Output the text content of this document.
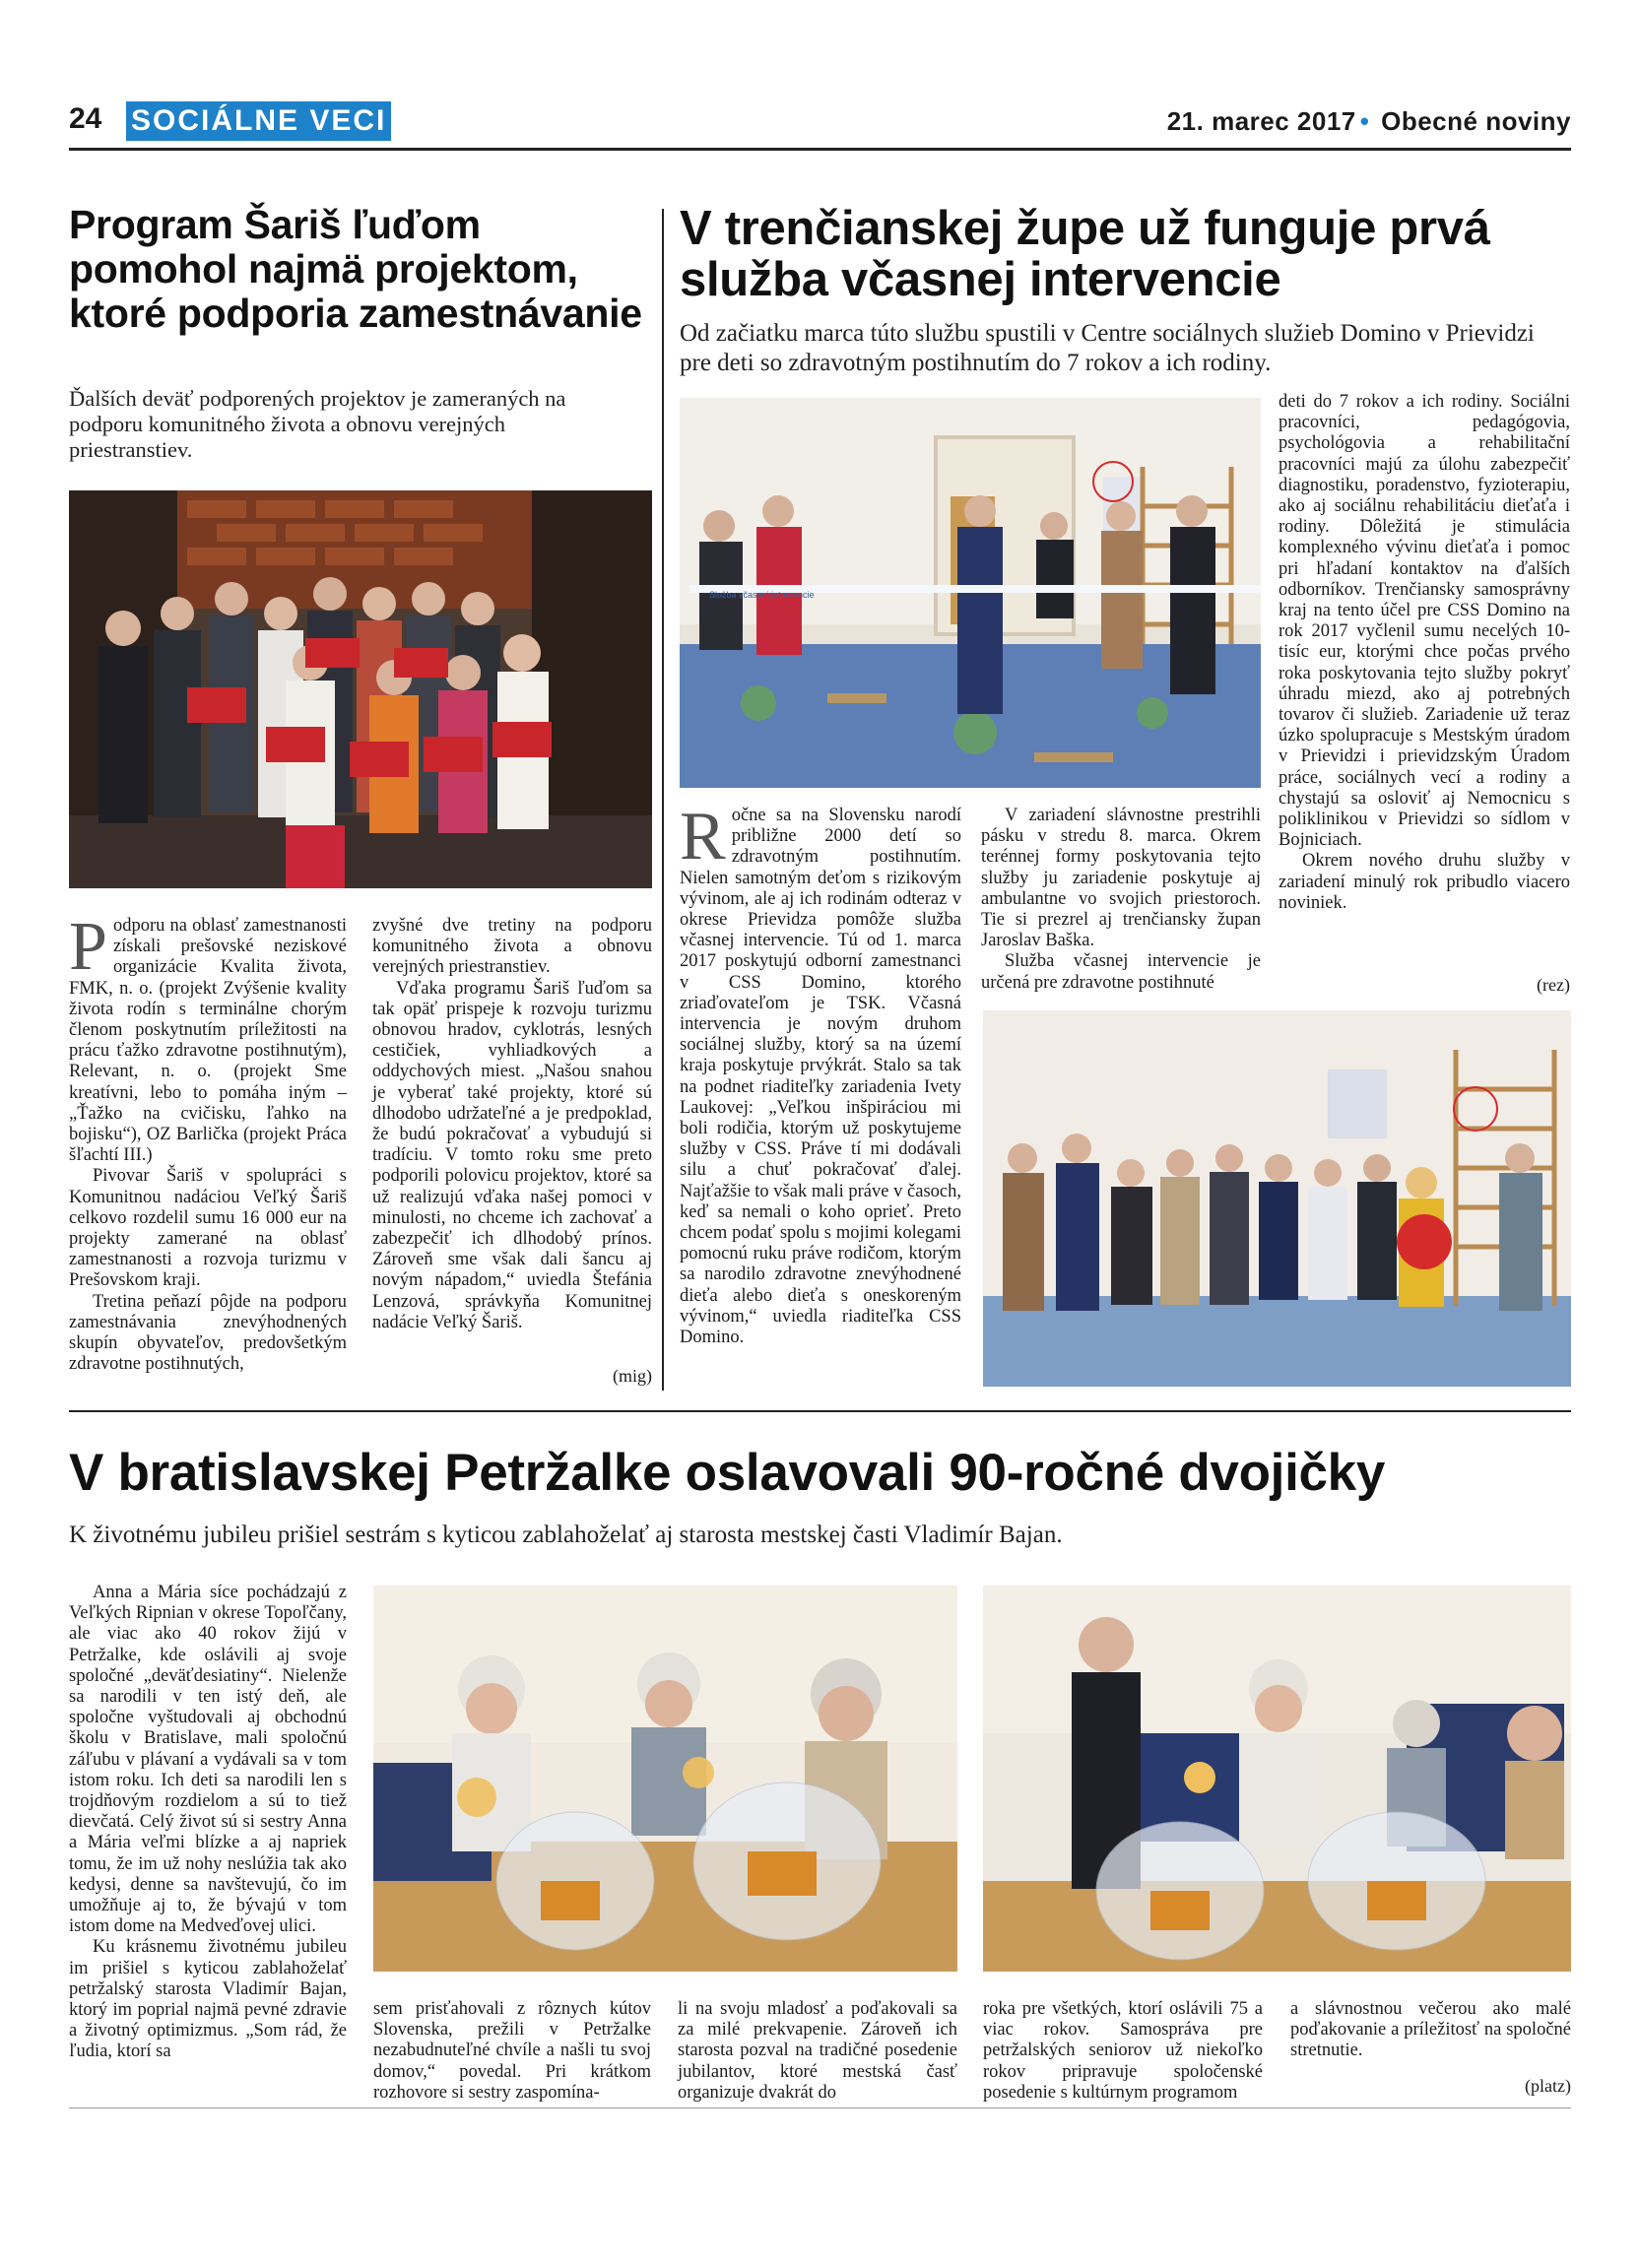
24 SOCIÁLNE VECI	21. marec 2017 • Obecné noviny
Program Šariš ľuďom pomohol najmä projektom, ktoré podporia zamestnávanie
Ďalších deväť podporených projektov je zameraných na podporu komunitného života a obnovu verejných priestranstiev.

Podporu na oblasť zamestnanosti získali prešovské neziskové organizácie Kvalita života, FMK, n. o. (projekt Zvýšenie kvality života rodín s terminálne chorým členom poskytnutím príležitosti na prácu ťažko zdravotne postihnutým), Relevant, n. o. (projekt Sme kreatívni, lebo to pomáha iným – „Ťažko na cvičisku, ľahko na bojisku“), OZ Barlička (projekt Práca šľachtí III.)

Pivovar Šariš v spolupráci s Komunitnou nadáciou Veľký Šariš celkovo rozdelil sumu 16 000 eur na projekty zamerané na oblasť zamestnanosti a rozvoja turizmu v Prešovskom kraji.

Tretina peňazí pôjde na podporu zamestnávania znevýhodnených skupín obyvateľov, predovšetkým zdravotne postihnutých,

zvyšné dve tretiny na podporu komunitného života a obnovu verejných priestranstiev.

Vďaka programu Šariš ľuďom sa tak opäť prispeje k rozvoju turizmu obnovou hradov, cyklotrás, lesných cestičiek, vyhliadkových a oddychových miest. „Našou snahou je vyberať také projekty, ktoré sú dlhodobo udržateľné a je predpoklad, že budú pokračovať a vybudujú si tradíciu. V tomto roku sme preto podporili polovicu projektov, ktoré sa už realizujú vďaka našej pomoci v minulosti, no chceme ich zachovať a zabezpečiť ich dlhodobý prínos. Zároveň sme však dali šancu aj novým nápadom,“ uviedla Štefánia Lenzová, správkyňa Komunitnej nadácie Veľký Šariš.

(mig)
V trenčianskej župe už funguje prvá služba včasnej intervencie
Od začiatku marca túto službu spustili v Centre sociálnych služieb Domino v Prievidzi pre deti so zdravotným postihnutím do 7 rokov a ich rodiny.
Služba včasnej intervencie

Ročne sa na Slovensku narodí približne 2000 detí so zdravotným postihnutím. Nielen samotným deťom s rizikovým vývinom, ale aj ich rodinám odteraz v okrese Prievidza pomôže služba včasnej intervencie. Tú od 1. marca 2017 poskytujú odborní zamestnanci v CSS Domino, ktorého zriaďovateľom je TSK. Včasná intervencia je novým druhom sociálnej služby, ktorý sa na území kraja poskytuje prvýkrát. Stalo sa tak na podnet riaditeľky zariadenia Ivety Laukovej: „Veľkou inšpiráciou mi boli rodičia, ktorým už poskytujeme služby v CSS. Práve tí mi dodávali silu a chuť pokračovať ďalej. Najťažšie to však mali práve v časoch, keď sa nemali o koho oprieť. Preto chcem podať spolu s mojimi kolegami pomocnú ruku práve rodičom, ktorým sa narodilo zdravotne znevýhodnené dieťa alebo dieťa s oneskoreným vývinom,“ uviedla riaditeľka CSS Domino.

V zariadení slávnostne prestrihli pásku v stredu 8. marca. Okrem terénnej formy poskytovania tejto služby ju zariadenie poskytuje aj ambulantne vo svojich priestoroch. Tie si prezrel aj trenčiansky župan Jaroslav Baška.

Služba včasnej intervencie je určená pre zdravotne postihnuté

deti do 7 rokov a ich rodiny. Sociálni pracovníci, pedagógovia, psychológovia a rehabilitační pracovníci majú za úlohu zabezpečiť diagnostiku, poradenstvo, fyzioterapiu, ako aj sociálnu rehabilitáciu dieťaťa i rodiny. Dôležitá je stimulácia komplexného vývinu dieťaťa i pomoc pri hľadaní kontaktov na ďalších odborníkov. Trenčiansky samosprávny kraj na tento účel pre CSS Domino na rok 2017 vyčlenil sumu necelých 10-tisíc eur, ktorými chce počas prvého roka poskytovania tejto služby pokryť úhradu miezd, ako aj potrebných tovarov či služieb. Zariadenie už teraz úzko spolupracuje s Mestským úradom v Prievidzi i prievidzským Úradom práce, sociálnych vecí a rodiny a chystajú sa osloviť aj Nemocnicu s poliklinikou v Prievidzi so sídlom v Bojniciach.

Okrem nového druhu služby v zariadení minulý rok pribudlo viacero noviniek.

(rez)
V bratislavskej Petržalke oslavovali 90-ročné dvojičky
K životnému jubileu prišiel sestrám s kyticou zablahoželať aj starosta mestskej časti Vladimír Bajan.

Anna a Mária síce pochádzajú z Veľkých Ripnian v okrese Topoľčany, ale viac ako 40 rokov žijú v Petržalke, kde oslávili aj svoje spoločné „deväťdesiatiny“. Nielenže sa narodili v ten istý deň, ale spoločne vyštudovali aj obchodnú školu v Bratislave, mali spoločnú záľubu v plávaní a vydávali sa v tom istom roku. Ich deti sa narodili len s trojdňovým rozdielom a sú to tiež dievčatá. Celý život sú si sestry Anna a Mária veľmi blízke a aj napriek tomu, že im už nohy neslúžia tak ako kedysi, denne sa navštevujú, čo im umožňuje aj to, že bývajú v tom istom dome na Medveďovej ulici.

Ku krásnemu životnému jubileu im prišiel s kyticou zablahoželať petržalský starosta Vladimír Bajan, ktorý im poprial najmä pevné zdravie a životný optimizmus. „Som rád, že ľudia, ktorí sa

sem prisťahovali z rôznych kútov Slovenska, prežili v Petržalke nezabudnuteľné chvíle a našli tu svoj domov,“ povedal. Pri krátkom rozhovore si sestry zaspomína-

li na svoju mladosť a poďakovali sa za milé prekvapenie. Zároveň ich starosta pozval na tradičné posedenie jubilantov, ktoré mestská časť organizuje dvakrát do

roka pre všetkých, ktorí oslávili 75 a viac rokov. Samospráva pre petržalských seniorov už niekoľko rokov pripravuje spoločenské posedenie s kultúrnym programom

a slávnostnou večerou ako malé poďakovanie a príležitosť na spoločné stretnutie.

(platz)
